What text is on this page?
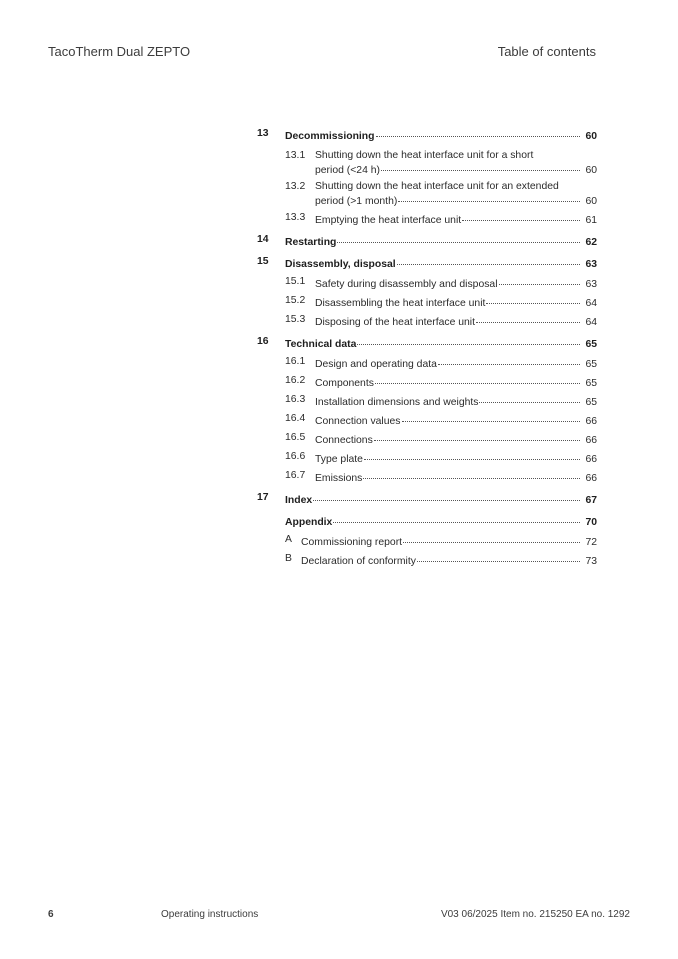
TacoTherm Dual ZEPTO	Table of contents
13 Decommissioning	60
13.1 Shutting down the heat interface unit for a short
period (<24 h)	60
13.2 Shutting down the heat interface unit for an extended
period (>1 month)	60
13.3 Emptying the heat interface unit	61
14 Restarting	62
15 Disassembly, disposal	63
15.1 Safety during disassembly and disposal	63
15.2 Disassembling the heat interface unit	64
15.3 Disposing of the heat interface unit	64
16 Technical data	65
16.1 Design and operating data	65
16.2 Components	65
16.3 Installation dimensions and weights	65
16.4 Connection values	66
16.5 Connections	66
16.6 Type plate	66
16.7 Emissions	66
17 Index	67
Appendix	70
A Commissioning report	72
B Declaration of conformity	73
6	Operating instructions	V03 06/2025 Item no. 215250 EA no. 1292
